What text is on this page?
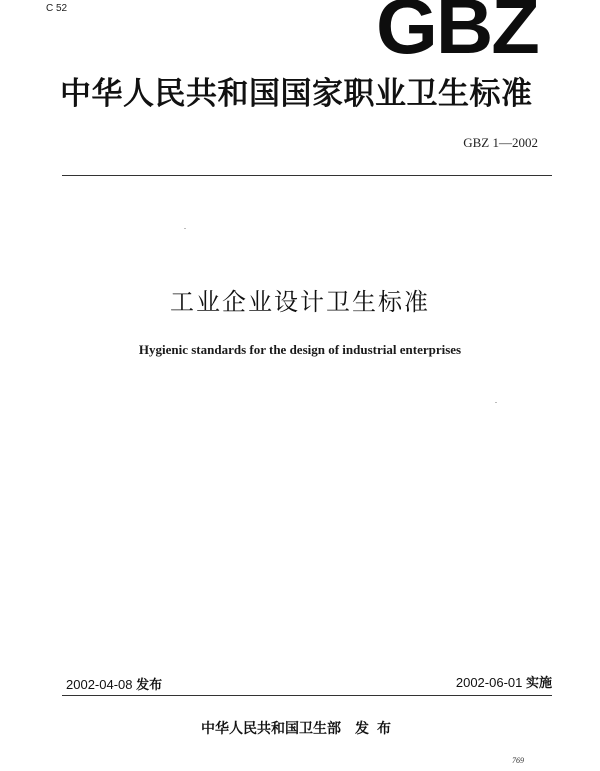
C 52	GBZ
中华人民共和国国家职业卫生标准
GBZ 1—2002
工业企业设计卫生标准
Hygienic standards for the design of industrial enterprises
2002-04-08 发布	2002-06-01 实施
中华人民共和国卫生部 发布
769
